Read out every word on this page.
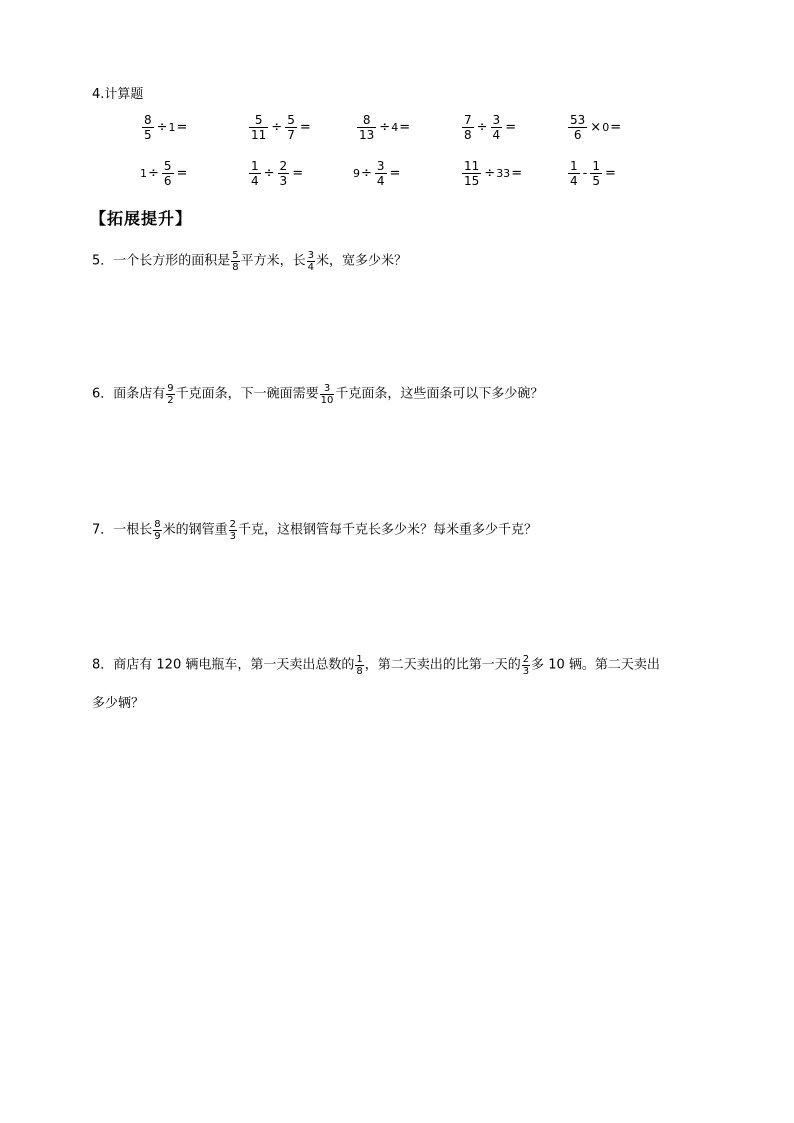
4.计算题
$\frac{8}{5} \div 1$ =	$\frac{5}{11} \div \frac{5}{7}$ =	$\frac{8}{13} \div 4$ =	$\frac{7}{8} \div \frac{3}{4}$ =	$\frac{53}{6} \times 0$ =
$1 \div \frac{5}{6}$ =	$\frac{1}{4} \div \frac{2}{3}$ =	$9 \div \frac{3}{4}$ =	$\frac{11}{15} \div 33$ =	$\frac{1}{4} - \frac{1}{5}$ =
【拓展提升】
5．一个长方形的面积是 $\frac{5}{8}$ 平方米，长 $\frac{3}{4}$ 米，宽多少米？
6．面条店有 $\frac{9}{2}$ 千克面条，下一碗面需要 $\frac{3}{10}$ 千克面条，这些面条可以下多少碗？
7．一根长 $\frac{8}{9}$ 米的钢管重 $\frac{2}{3}$ 千克，这根钢管每千克长多少米？每米重多少千克？
8．商店有 120 辆电瓶车，第一天卖出总数的 $\frac{1}{8}$ ，第二天卖出的比第一天的 $\frac{2}{3}$ 多 10 辆。第二天卖出
多少辆？
